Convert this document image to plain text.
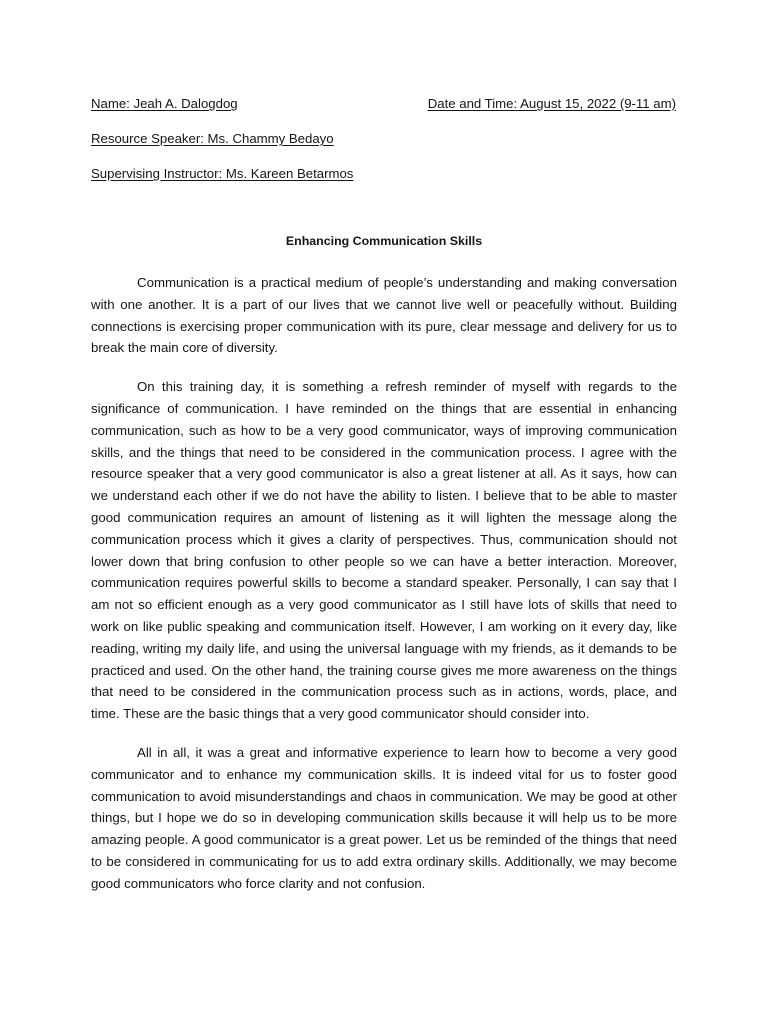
Name: Jeah A. Dalogdog	Date and Time: August 15, 2022 (9-11 am)
Resource Speaker: Ms. Chammy Bedayo
Supervising Instructor: Ms. Kareen Betarmos
Enhancing Communication Skills

Communication is a practical medium of people’s understanding and making conversation with one another. It is a part of our lives that we cannot live well or peacefully without. Building connections is exercising proper communication with its pure, clear message and delivery for us to break the main core of diversity.

On this training day, it is something a refresh reminder of myself with regards to the significance of communication. I have reminded on the things that are essential in enhancing communication, such as how to be a very good communicator, ways of improving communication skills, and the things that need to be considered in the communication process. I agree with the resource speaker that a very good communicator is also a great listener at all. As it says, how can we understand each other if we do not have the ability to listen. I believe that to be able to master good communication requires an amount of listening as it will lighten the message along the communication process which it gives a clarity of perspectives. Thus, communication should not lower down that bring confusion to other people so we can have a better interaction. Moreover, communication requires powerful skills to become a standard speaker. Personally, I can say that I am not so efficient enough as a very good communicator as I still have lots of skills that need to work on like public speaking and communication itself. However, I am working on it every day, like reading, writing my daily life, and using the universal language with my friends, as it demands to be practiced and used. On the other hand, the training course gives me more awareness on the things that need to be considered in the communication process such as in actions, words, place, and time. These are the basic things that a very good communicator should consider into.

All in all, it was a great and informative experience to learn how to become a very good communicator and to enhance my communication skills. It is indeed vital for us to foster good communication to avoid misunderstandings and chaos in communication. We may be good at other things, but I hope we do so in developing communication skills because it will help us to be more amazing people. A good communicator is a great power. Let us be reminded of the things that need to be considered in communicating for us to add extra ordinary skills. Additionally, we may become good communicators who force clarity and not confusion.
